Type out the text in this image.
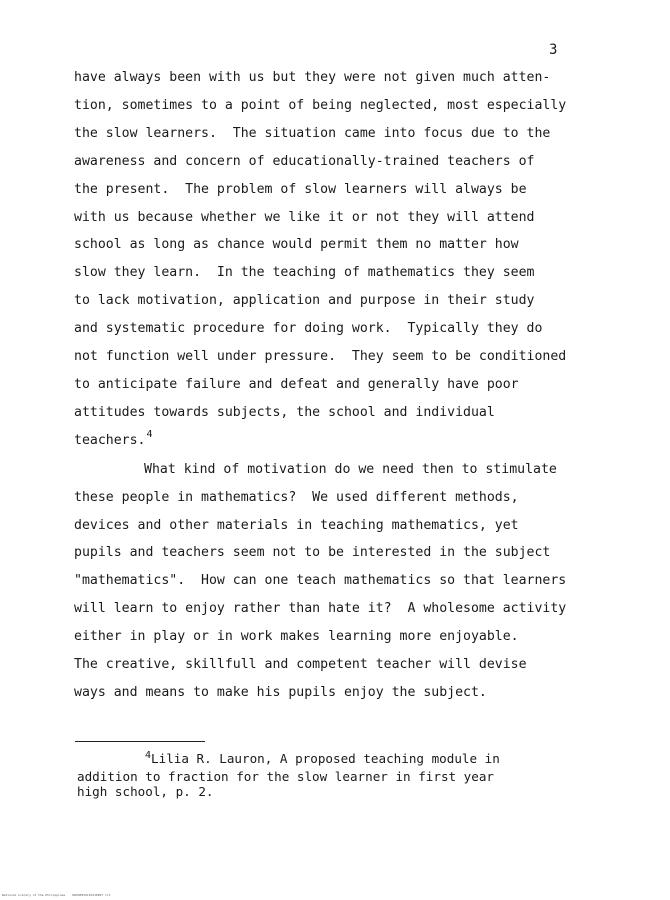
3
have always been with us but they were not given much atten-
tion, sometimes to a point of being neglected, most especially
the slow learners.  The situation came into focus due to the
awareness and concern of educationally-trained teachers of
the present.  The problem of slow learners will always be
with us because whether we like it or not they will attend
school as long as chance would permit them no matter how
slow they learn.  In the teaching of mathematics they seem
to lack motivation, application and purpose in their study
and systematic procedure for doing work.  Typically they do
not function well under pressure.  They seem to be conditioned
to anticipate failure and defeat and generally have poor
attitudes towards subjects, the school and individual
teachers.$^4$
What kind of motivation do we need then to stimulate
these people in mathematics?  We used different methods,
devices and other materials in teaching mathematics, yet
pupils and teachers seem not to be interested in the subject
"mathematics".  How can one teach mathematics so that learners
will learn to enjoy rather than hate it?  A wholesome activity
either in play or in work makes learning more enjoyable.
The creative, skillfull and competent teacher will devise
ways and means to make his pupils enjoy the subject.
$^4$Lilia R. Lauron, A proposed teaching module in
addition to fraction for the slow learner in first year
high school, p. 2.
National Library of the Philippines    RUP9P932107410P97 lit
